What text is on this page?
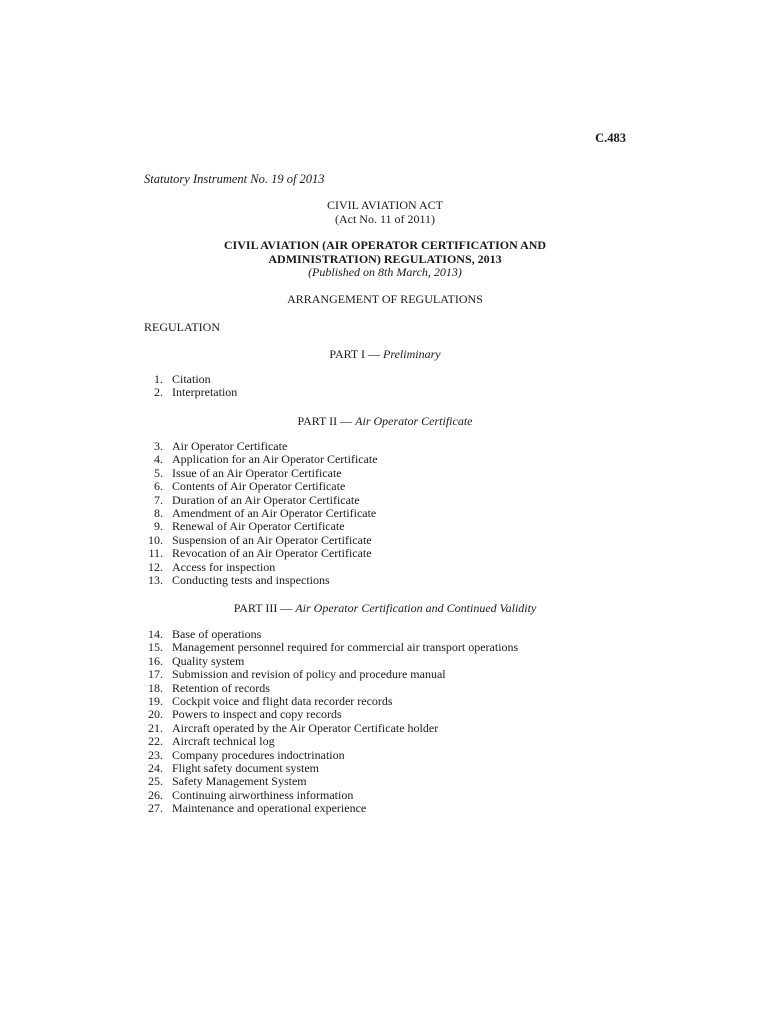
C.483
Statutory Instrument No. 19 of 2013
CIVIL AVIATION ACT
(Act No. 11 of 2011)
CIVIL AVIATION (AIR OPERATOR CERTIFICATION AND
ADMINISTRATION) REGULATIONS, 2013
(Published on 8th March, 2013)
ARRANGEMENT OF REGULATIONS
REGULATION
PART I — Preliminary
1. Citation
2. Interpretation
PART II — Air Operator Certificate
3. Air Operator Certificate
4. Application for an Air Operator Certificate
5. Issue of an Air Operator Certificate
6. Contents of Air Operator Certificate
7. Duration of an Air Operator Certificate
8. Amendment of an Air Operator Certificate
9. Renewal of Air Operator Certificate
10. Suspension of an Air Operator Certificate
11. Revocation of an Air Operator Certificate
12. Access for inspection
13. Conducting tests and inspections
PART III — Air Operator Certification and Continued Validity
14. Base of operations
15. Management personnel required for commercial air transport operations
16. Quality system
17. Submission and revision of policy and procedure manual
18. Retention of records
19. Cockpit voice and flight data recorder records
20. Powers to inspect and copy records
21. Aircraft operated by the Air Operator Certificate holder
22. Aircraft technical log
23. Company procedures indoctrination
24. Flight safety document system
25. Safety Management System
26. Continuing airworthiness information
27. Maintenance and operational experience
